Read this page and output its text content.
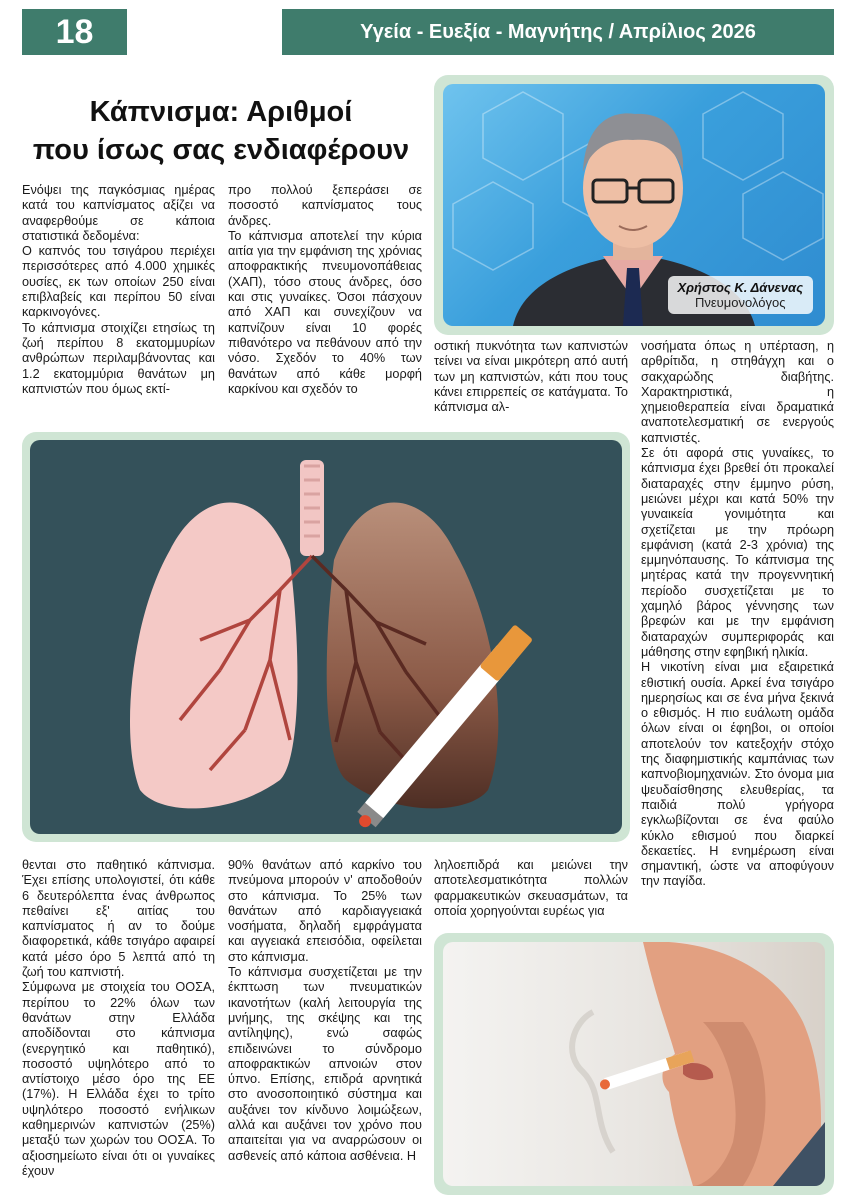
18	Υγεία - Ευεξία - Μαγνήτης / Απρίλιος 2026
Κάπνισμα: Αριθμοί
που ίσως σας ενδιαφέρουν
Χρήστος Κ. Δάνενας
Πνευμονολόγος
Ενόψει της παγκόσμιας ημέρας κατά του καπνίσματος αξίζει να αναφερθούμε σε κάποια στατιστικά δεδομένα:
Ο καπνός του τσιγάρου περιέχει περισσότερες από 4.000 χημικές ουσίες, εκ των οποίων 250 είναι επιβλαβείς και περίπου 50 είναι καρκινογόνες.
Το κάπνισμα στοιχίζει ετησίως τη ζωή περίπου 8 εκατομμυρίων ανθρώπων περιλαμβάνοντας και 1.2 εκατομμύρια θανάτων μη καπνιστών που όμως εκτί-
προ πολλού ξεπεράσει σε ποσοστό καπνίσματος τους άνδρες.
Το κάπνισμα αποτελεί την κύρια αιτία για την εμφάνιση της χρόνιας αποφρακτικής πνευμονοπάθειας (ΧΑΠ), τόσο στους άνδρες, όσο και στις γυναίκες. Όσοι πάσχουν από ΧΑΠ και συνεχίζουν να καπνίζουν είναι 10 φορές πιθανότερο να πεθάνουν από την νόσο. Σχεδόν το 40% των θανάτων από κάθε μορφή καρκίνου και σχεδόν το
οστική πυκνότητα των καπνιστών τείνει να είναι μικρότερη από αυτή των μη καπνιστών, κάτι που τους κάνει επιρρεπείς σε κατάγματα. Το κάπνισμα αλ-
νοσήματα όπως η υπέρταση, η αρθρίτιδα, η στηθάγχη και ο σακχαρώδης διαβήτης. Χαρακτηριστικά, η χημειοθεραπεία είναι δραματικά αναποτελεσματική σε ενεργούς καπνιστές.
Σε ότι αφορά στις γυναίκες, το κάπνισμα έχει βρεθεί ότι προκαλεί διαταραχές στην έμμηνο ρύση, μειώνει μέχρι και κατά 50% την γυναικεία γονιμότητα και σχετίζεται με την πρόωρη εμφάνιση (κατά 2-3 χρόνια) της εμμηνόπαυσης. Το κάπνισμα της μητέρας κατά την προγεννητική περίοδο συσχετίζεται με το χαμηλό βάρος γέννησης των βρεφών και με την εμφάνιση διαταραχών συμπεριφοράς και μάθησης στην εφηβική ηλικία.
Η νικοτίνη είναι μια εξαιρετικά εθιστική ουσία. Αρκεί ένα τσιγάρο ημερησίως και σε ένα μήνα ξεκινά ο εθισμός. Η πιο ευάλωτη ομάδα όλων είναι οι έφηβοι, οι οποίοι αποτελούν τον κατεξοχήν στόχο της διαφημιστικής καμπάνιας των καπνοβιομηχανιών. Στο όνομα μια ψευδαίσθησης ελευθερίας, τα παιδιά πολύ γρήγορα εγκλωβίζονται σε ένα φαύλο κύκλο εθισμού που διαρκεί δεκαετίες. Η ενημέρωση είναι σημαντική, ώστε να αποφύγουν την παγίδα.
θενται στο παθητικό κάπνισμα. Έχει επίσης υπολογιστεί, ότι κάθε 6 δευτερόλεπτα ένας άνθρωπος πεθαίνει εξ' αιτίας του καπνίσματος ή αν το δούμε διαφορετικά, κάθε τσιγάρο αφαιρεί κατά μέσο όρο 5 λεπτά από τη ζωή του καπνιστή.
Σύμφωνα με στοιχεία του ΟΟΣΑ, περίπου το 22% όλων των θανάτων στην Ελλάδα αποδίδονται στο κάπνισμα (ενεργητικό και παθητικό), ποσοστό υψηλότερο από το αντίστοιχο μέσο όρο της ΕΕ (17%). Η Ελλάδα έχει το τρίτο υψηλότερο ποσοστό ενήλικων καθημερινών καπνιστών (25%) μεταξύ των χωρών του ΟΟΣΑ. Το αξιοσημείωτο είναι ότι οι γυναίκες έχουν
90% θανάτων από καρκίνο του πνεύμονα μπορούν ν' αποδοθούν στο κάπνισμα. Το 25% των θανάτων από καρδιαγγειακά νοσήματα, δηλαδή εμφράγματα και αγγειακά επεισόδια, οφείλεται στο κάπνισμα.
Το κάπνισμα συσχετίζεται με την έκπτωση των πνευματικών ικανοτήτων (καλή λειτουργία της μνήμης, της σκέψης και της αντίληψης), ενώ σαφώς επιδεινώνει το σύνδρομο αποφρακτικών απνοιών στον ύπνο. Επίσης, επιδρά αρνητικά στο ανοσοποιητικό σύστημα και αυξάνει τον κίνδυνο λοιμώξεων, αλλά και αυξάνει τον χρόνο που απαιτείται για να αναρρώσουν οι ασθενείς από κάποια ασθένεια. Η
ληλοεπιδρά και μειώνει την αποτελεσματικότητα πολλών φαρμακευτικών σκευασμάτων, τα οποία χορηγούνται ευρέως για
